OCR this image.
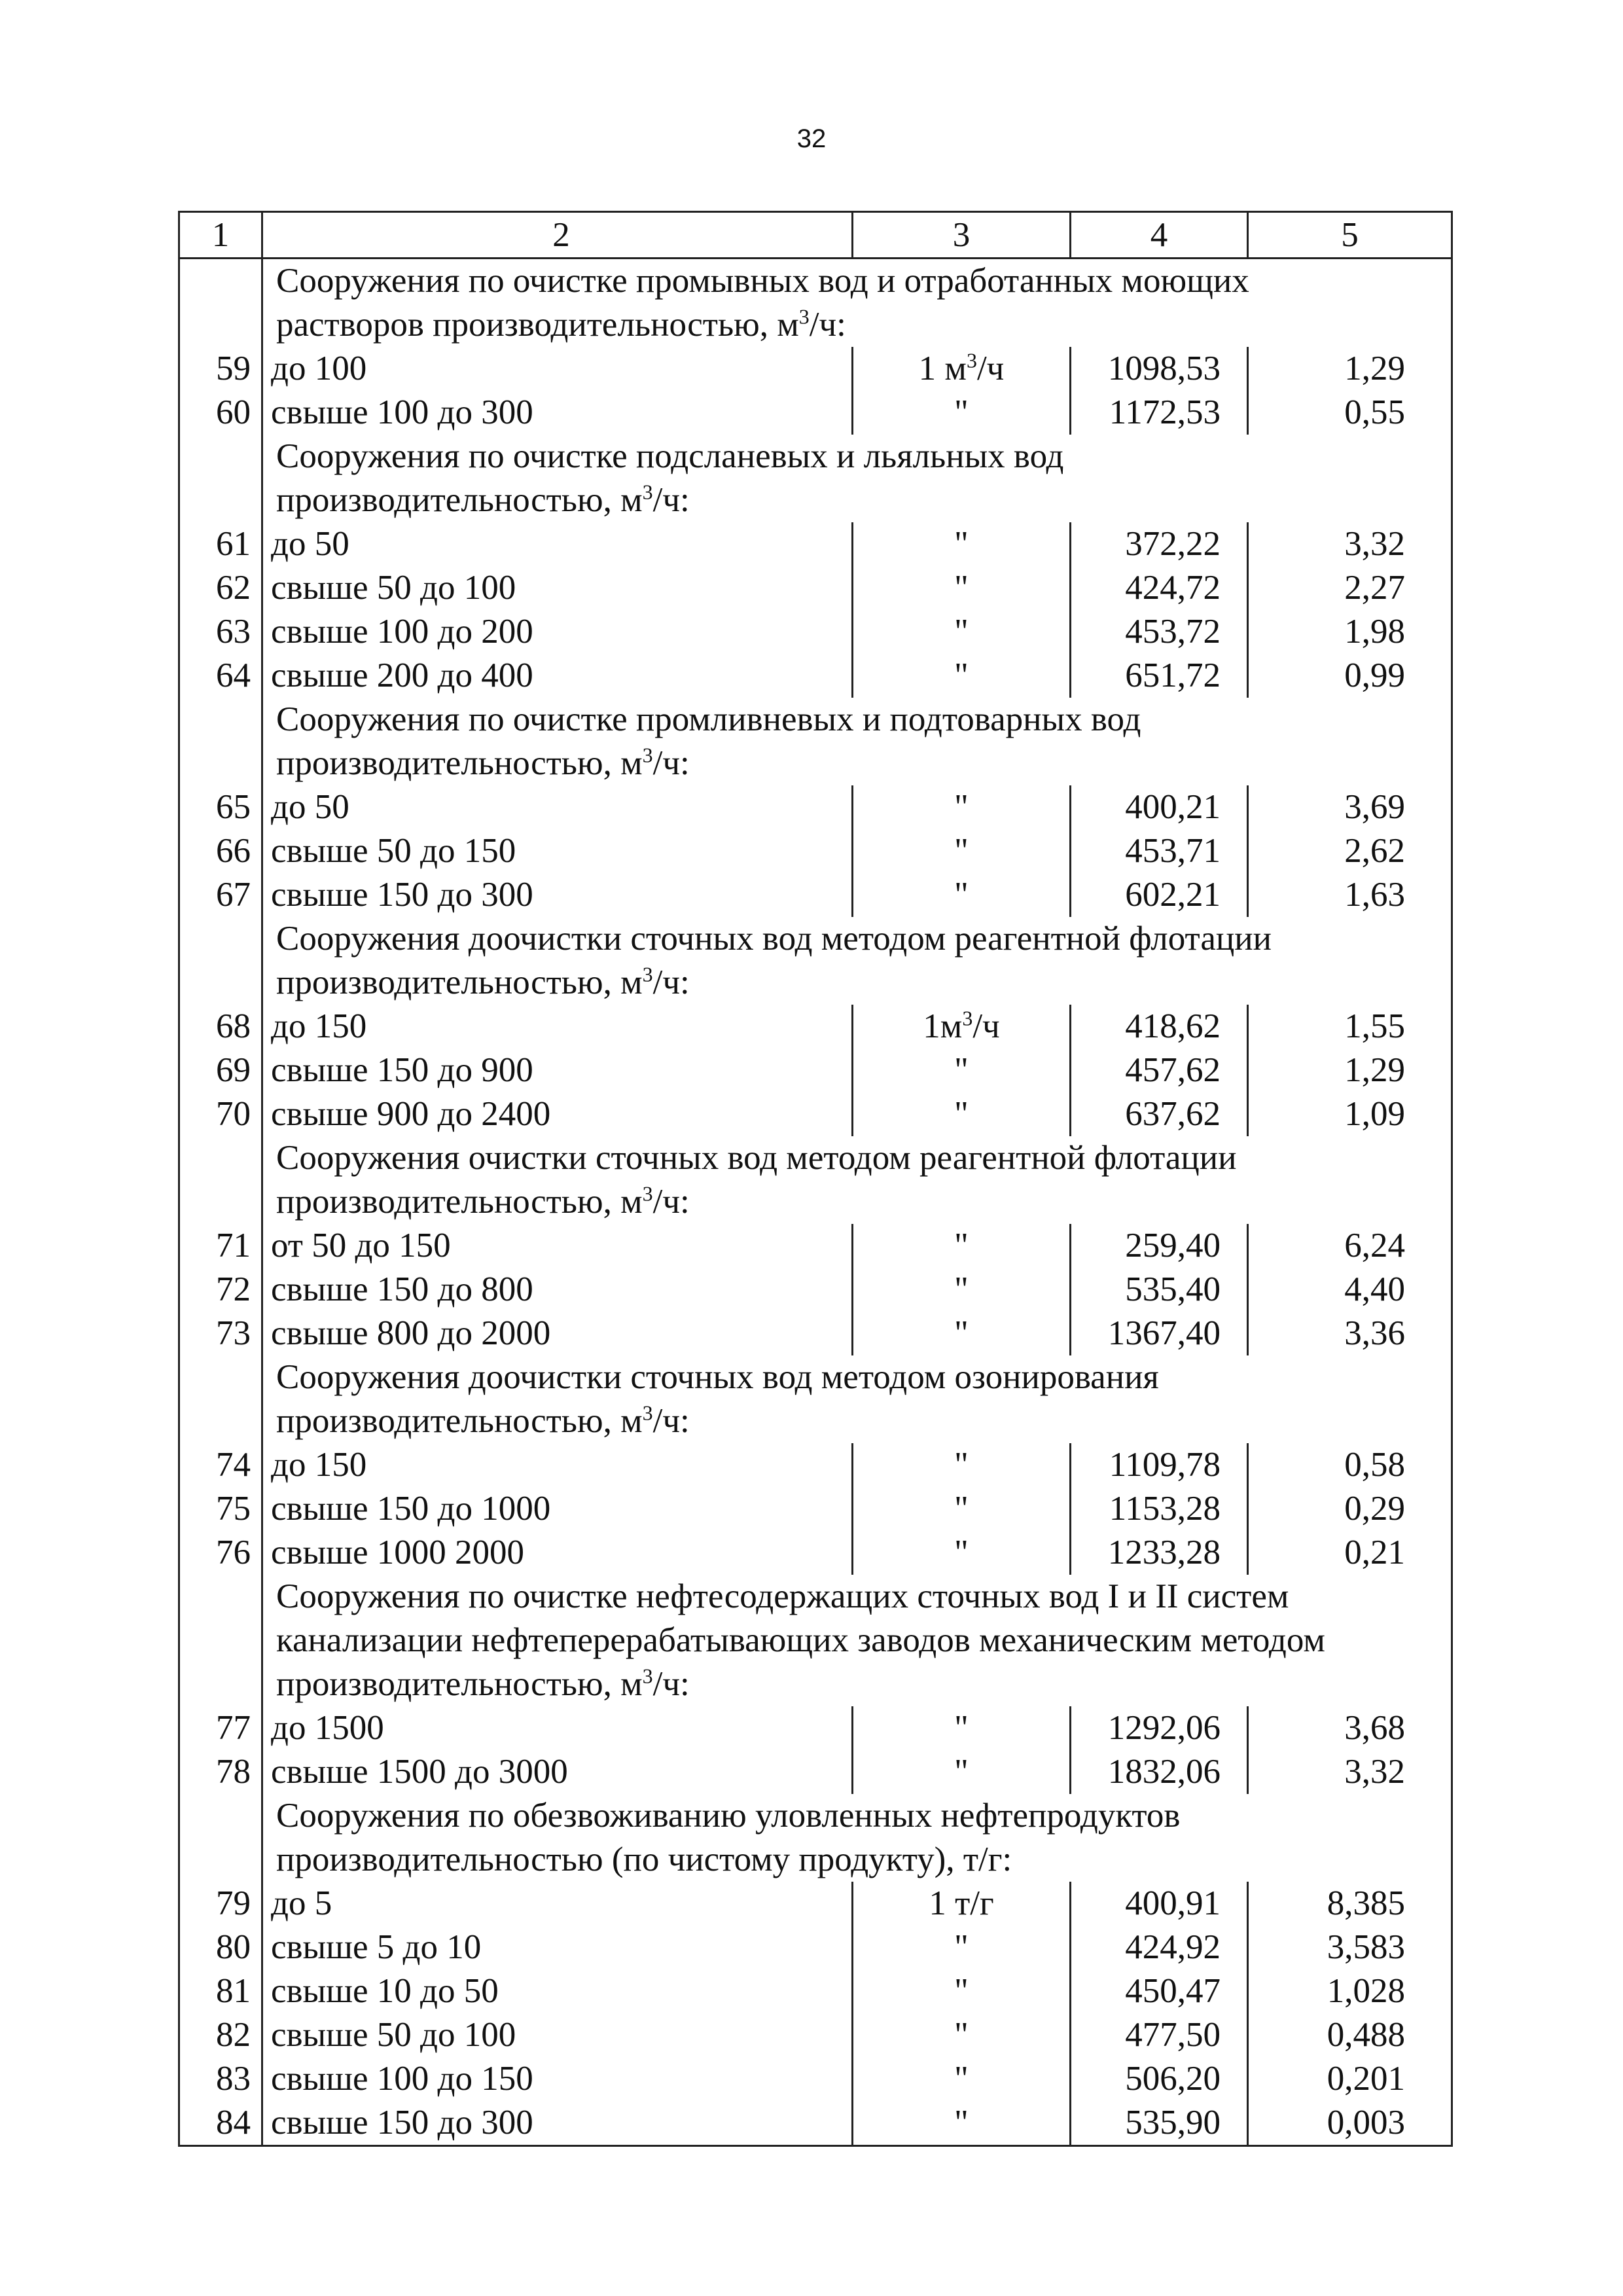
32
1	2	3	4	5

	Сооружения по очистке промывных вод и отработанных моющих растворов производительностью, $м^3/ч$:			

59	до 100	1 $м^3/ч$	1098,53	1,29
60	свыше 100 до 300	"	1172,53	0,55

	Сооружения по очистке подсланевых и льяльных вод производительностью, $м^3/ч$:			

61	до 50	"	372,22	3,32
62	свыше 50 до 100	"	424,72	2,27
63	свыше 100 до 200	"	453,72	1,98
64	свыше 200 до 400	"	651,72	0,99

	Сооружения по очистке промливневых и подтоварных вод производительностью, $м^3/ч$:			

65	до 50	"	400,21	3,69
66	свыше 50 до 150	"	453,71	2,62
67	свыше 150 до 300	"	602,21	1,63

	Сооружения доочистки сточных вод методом реагентной флотации производительностью, $м^3/ч$:			

68	до 150	$1м^3/ч$	418,62	1,55
69	свыше 150 до 900	"	457,62	1,29
70	свыше 900 до 2400	"	637,62	1,09

	Сооружения очистки сточных вод методом реагентной флотации производительностью, $м^3/ч$:			

71	от 50 до 150	"	259,40	6,24
72	свыше 150 до 800	"	535,40	4,40
73	свыше 800 до 2000	"	1367,40	3,36

	Сооружения доочистки сточных вод методом озонирования производительностью, $м^3/ч$:			

74	до 150	"	1109,78	0,58
75	свыше 150 до 1000	"	1153,28	0,29
76	свыше 1000 2000	"	1233,28	0,21

	Сооружения по очистке нефтесодержащих сточных вод I и II систем канализации нефтеперерабатывающих заводов механическим методом производительностью, $м^3/ч$:			

77	до 1500	"	1292,06	3,68
78	свыше 1500 до 3000	"	1832,06	3,32

	Сооружения по обезвоживанию уловленных нефтепродуктов производительностью (по чистому продукту), т/г:			

79	до 5	1 т/г	400,91	8,385
80	свыше 5 до 10	"	424,92	3,583
81	свыше 10 до 50	"	450,47	1,028
82	свыше 50 до 100	"	477,50	0,488
83	свыше 100 до 150	"	506,20	0,201
84	свыше 150 до 300	"	535,90	0,003
